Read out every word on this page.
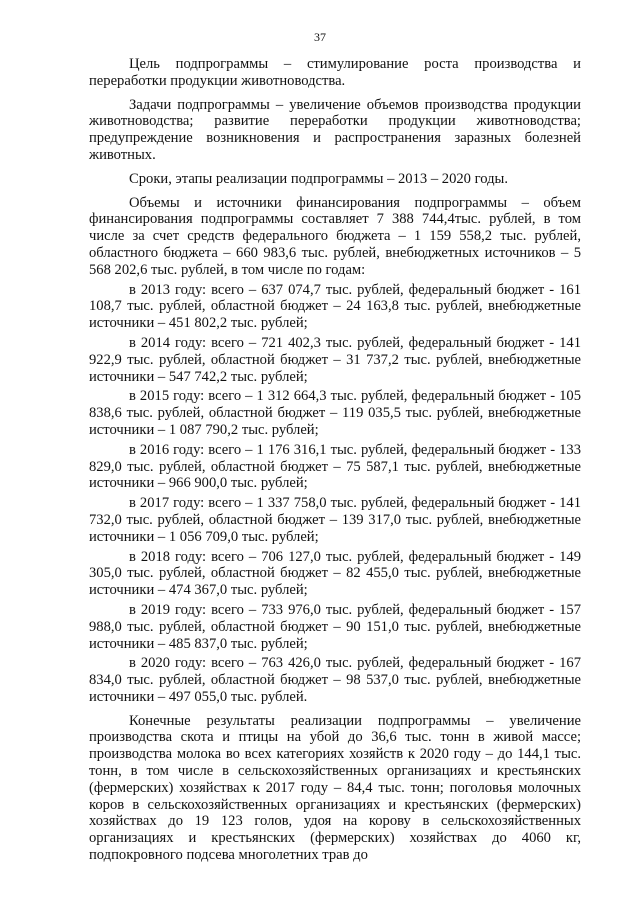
37

Цель подпрограммы – стимулирование роста производства и переработки продукции животноводства.

Задачи подпрограммы – увеличение объемов производства продукции животноводства; развитие переработки продукции животноводства; предупреждение возникновения и распространения заразных болезней животных.

Сроки, этапы реализации подпрограммы – 2013 – 2020 годы.

Объемы и источники финансирования подпрограммы – объем финансирования подпрограммы составляет 7 388 744,4тыс. рублей, в том числе за счет средств федерального бюджета – 1 159 558,2 тыс. рублей, областного бюджета – 660 983,6 тыс. рублей, внебюджетных источников – 5 568 202,6 тыс. рублей, в том числе по годам:

в 2013 году: всего – 637 074,7 тыс. рублей, федеральный бюджет - 161 108,7 тыс. рублей, областной бюджет – 24 163,8 тыс. рублей, внебюджетные источники – 451 802,2 тыс. рублей;

в 2014 году: всего – 721 402,3 тыс. рублей, федеральный бюджет - 141 922,9 тыс. рублей, областной бюджет – 31 737,2 тыс. рублей, внебюджетные источники – 547 742,2 тыс. рублей;

в 2015 году: всего – 1 312 664,3 тыс. рублей, федеральный бюджет - 105 838,6 тыс. рублей, областной бюджет – 119 035,5 тыс. рублей, внебюджетные источники – 1 087 790,2 тыс. рублей;

в 2016 году: всего – 1 176 316,1 тыс. рублей, федеральный бюджет - 133 829,0 тыс. рублей, областной бюджет – 75 587,1 тыс. рублей, внебюджетные источники – 966 900,0 тыс. рублей;

в 2017 году: всего – 1 337 758,0 тыс. рублей, федеральный бюджет - 141 732,0 тыс. рублей, областной бюджет – 139 317,0 тыс. рублей, внебюджетные источники – 1 056 709,0 тыс. рублей;

в 2018 году: всего – 706 127,0 тыс. рублей, федеральный бюджет - 149 305,0 тыс. рублей, областной бюджет – 82 455,0 тыс. рублей, внебюджетные источники – 474 367,0 тыс. рублей;

в 2019 году: всего – 733 976,0 тыс. рублей, федеральный бюджет - 157 988,0 тыс. рублей, областной бюджет – 90 151,0 тыс. рублей, внебюджетные источники – 485 837,0 тыс. рублей;

в 2020 году: всего – 763 426,0 тыс. рублей, федеральный бюджет - 167 834,0 тыс. рублей, областной бюджет – 98 537,0 тыс. рублей, внебюджетные источники – 497 055,0 тыс. рублей.

Конечные результаты реализации подпрограммы – увеличение производства скота и птицы на убой до 36,6 тыс. тонн в живой массе; производства молока во всех категориях хозяйств к 2020 году – до 144,1 тыс. тонн, в том числе в сельскохозяйственных организациях и крестьянских (фермерских) хозяйствах к 2017 году – 84,4 тыс. тонн; поголовья молочных коров в сельскохозяйственных организациях и крестьянских (фермерских) хозяйствах до 19 123 голов, удоя на корову в сельскохозяйственных организациях и крестьянских (фермерских) хозяйствах до 4060 кг, подпокровного подсева многолетних трав до
